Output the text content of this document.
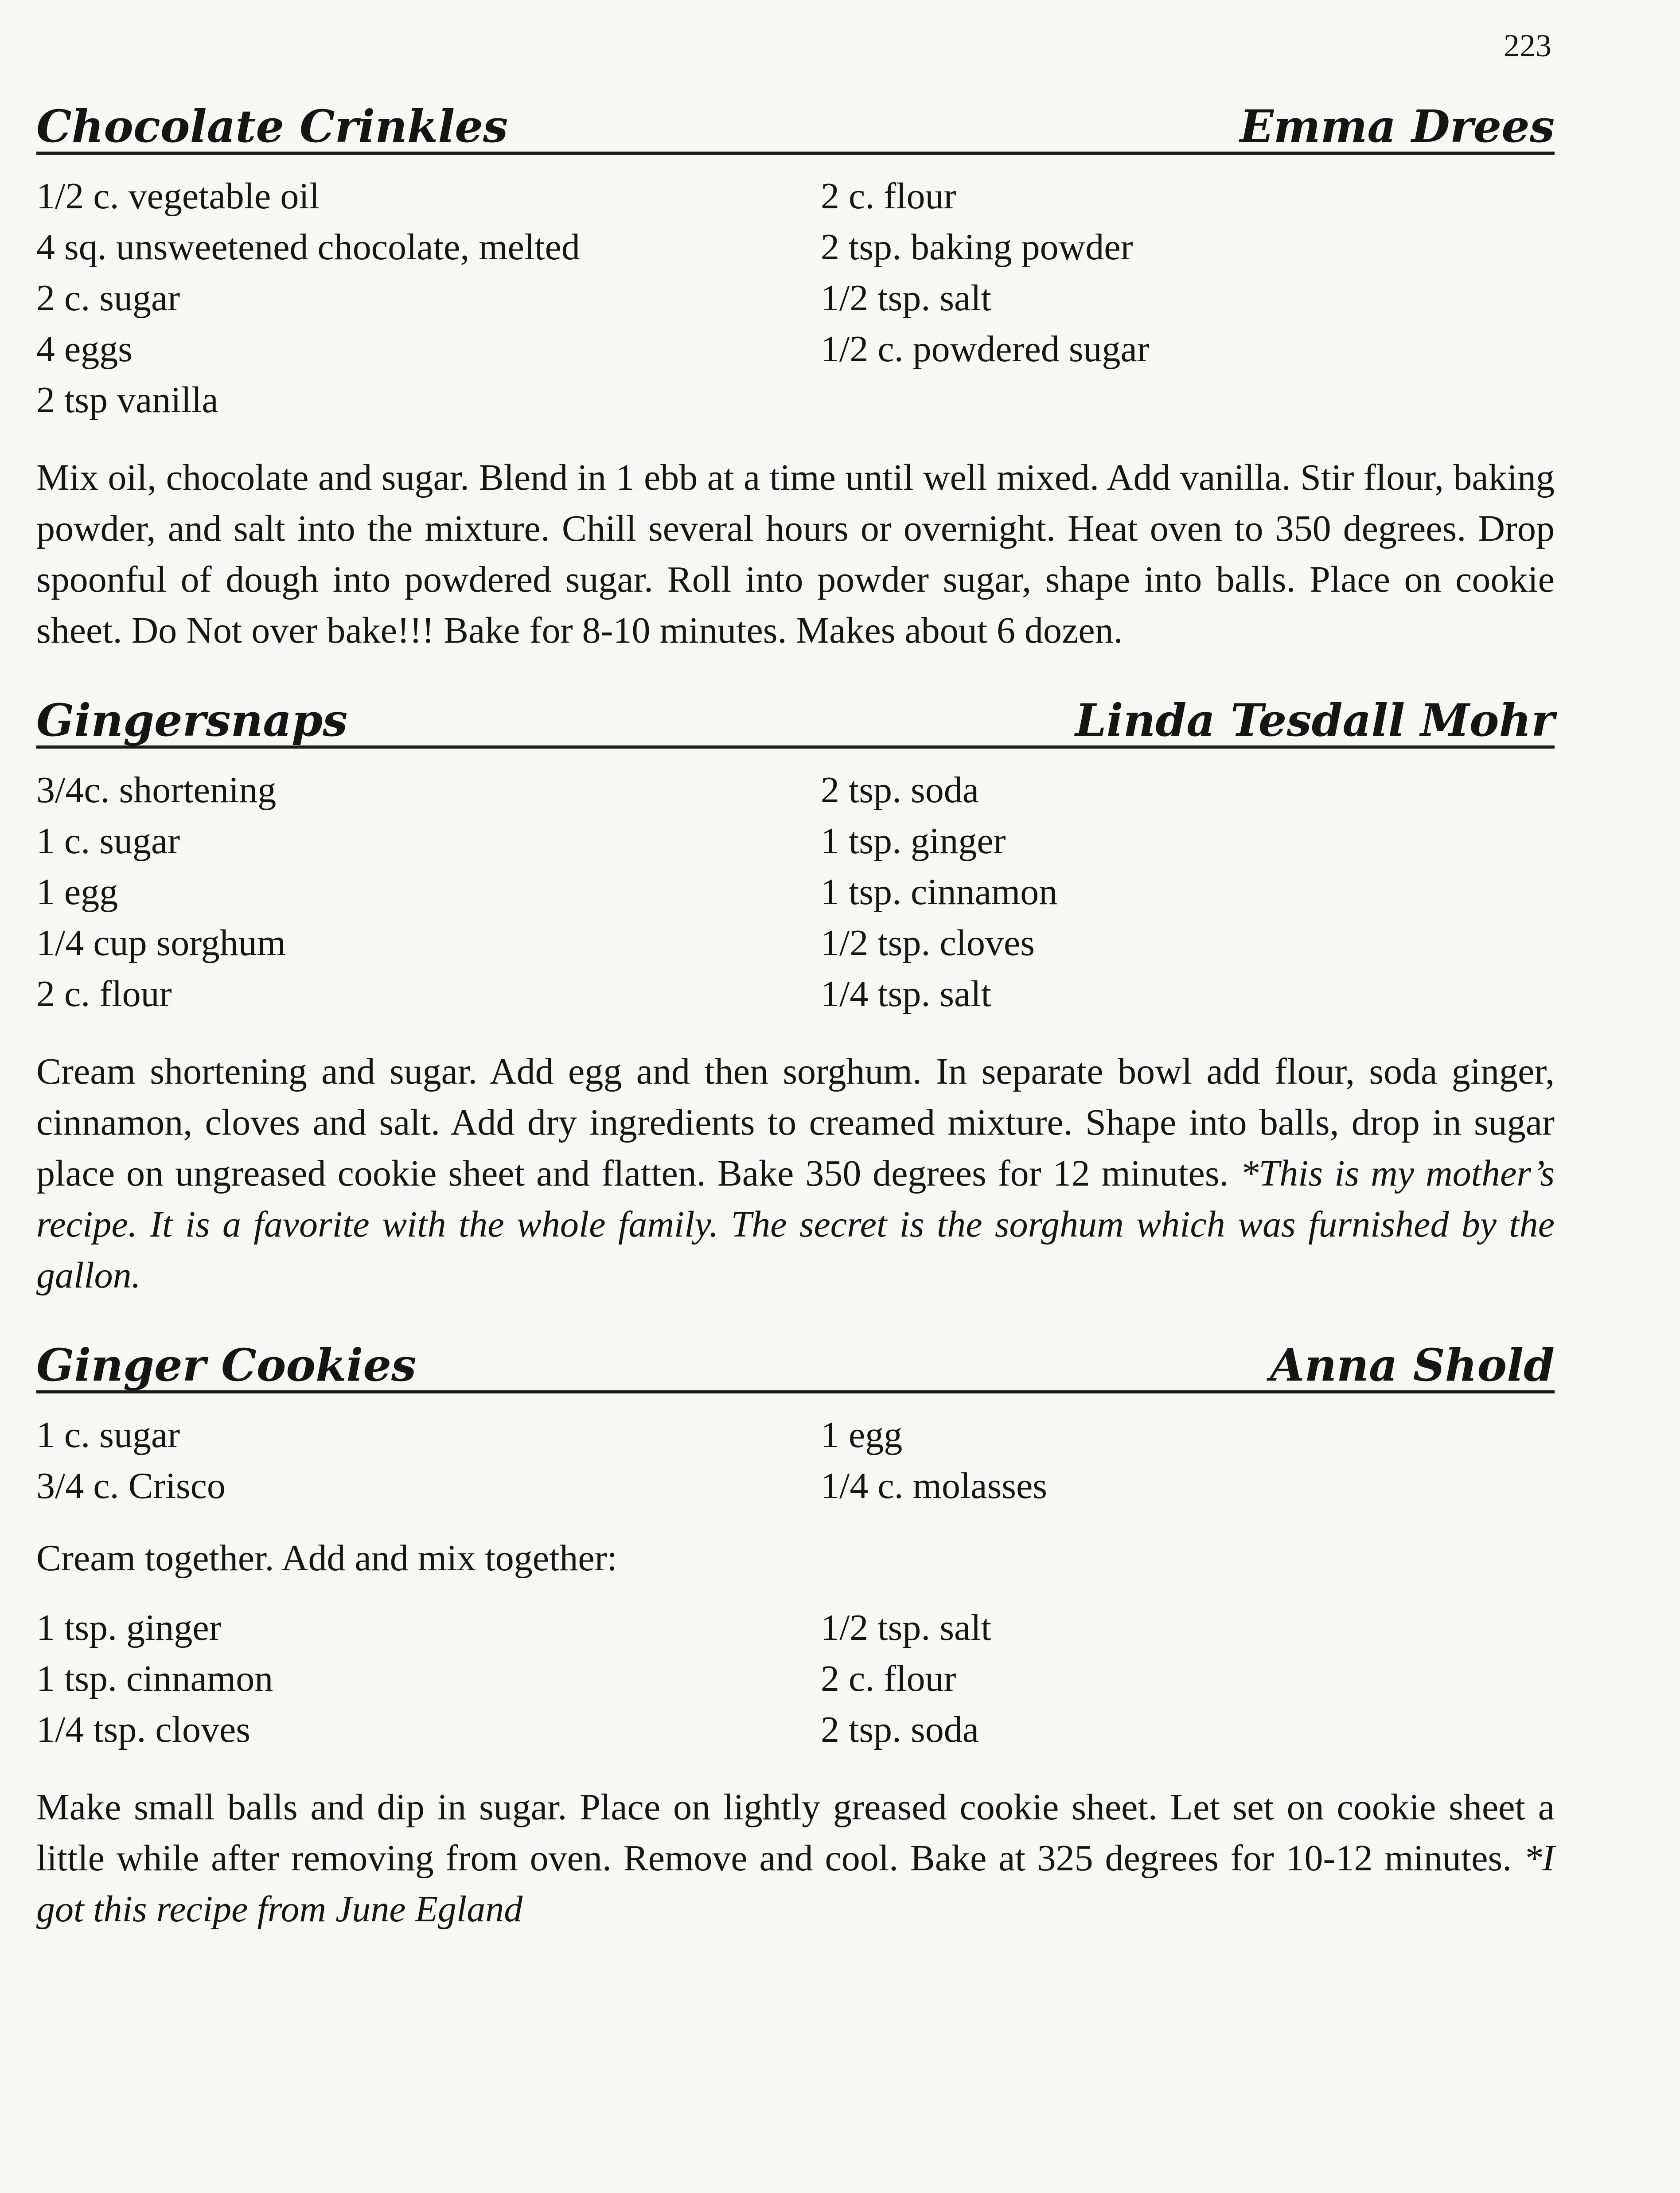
223
Chocolate Crinkles	Emma Drees
1/2 c. vegetable oil
4 sq. unsweetened chocolate, melted
2 c. sugar
4 eggs
2 tsp vanilla
2 c. flour
2 tsp. baking powder
1/2 tsp. salt
1/2 c. powdered sugar

Mix oil, chocolate and sugar. Blend in 1 ebb at a time until well mixed. Add vanilla. Stir flour, baking powder, and salt into the mixture. Chill several hours or overnight. Heat oven to 350 degrees. Drop spoonful of dough into powdered sugar. Roll into powder sugar, shape into balls. Place on cookie sheet. Do Not over bake!!! Bake for 8-10 minutes. Makes about 6 dozen.

Gingersnaps	Linda Tesdall Mohr
3/4c. shortening
1 c. sugar
1 egg
1/4 cup sorghum
2 c. flour
2 tsp. soda
1 tsp. ginger
1 tsp. cinnamon
1/2 tsp. cloves
1/4 tsp. salt

Cream shortening and sugar. Add egg and then sorghum. In separate bowl add flour, soda ginger, cinnamon, cloves and salt. Add dry ingredients to creamed mixture. Shape into balls, drop in sugar place on ungreased cookie sheet and flatten. Bake 350 degrees for 12 minutes. *This is my mother’s recipe. It is a favorite with the whole family. The secret is the sorghum which was furnished by the gallon.

Ginger Cookies	Anna Shold
1 c. sugar
3/4 c. Crisco
1 egg
1/4 c. molasses
Cream together. Add and mix together:
1 tsp. ginger
1 tsp. cinnamon
1/4 tsp. cloves
1/2 tsp. salt
2 c. flour
2 tsp. soda

Make small balls and dip in sugar. Place on lightly greased cookie sheet. Let set on cookie sheet a little while after removing from oven. Remove and cool. Bake at 325 degrees for 10-12 minutes. *I got this recipe from June Egland
